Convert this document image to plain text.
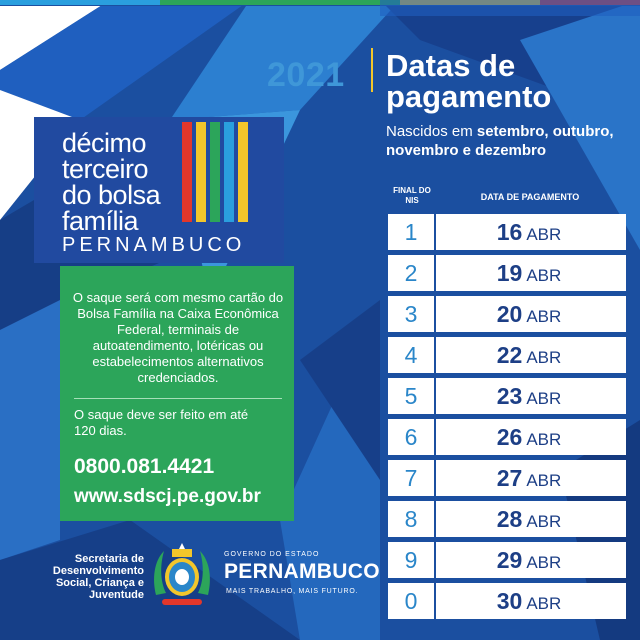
2021 Datas de
pagamento
Nascidos em setembro, outubro, novembro e dezembro
décimo
terceiro
do bolsa
família
PERNAMBUCO
O saque será com mesmo cartão do Bolsa Família na Caixa Econômica Federal, terminais de autoatendimento, lotéricas ou estabelecimentos alternativos credenciados.
O saque deve ser feito em até 120 dias.
0800.081.4421
www.sdscj.pe.gov.br
Secretaria de Desenvolvimento Social, Criança e Juventude
GOVERNO DO ESTADO
PERNAMBUCO
MAIS TRABALHO, MAIS FUTURO.
FINAL DO NIS	DATA DE PAGAMENTO
1	16 ABR
2	19 ABR
3	20 ABR
4	22 ABR
5	23 ABR
6	26 ABR
7	27 ABR
8	28 ABR
9	29 ABR
0	30 ABR
